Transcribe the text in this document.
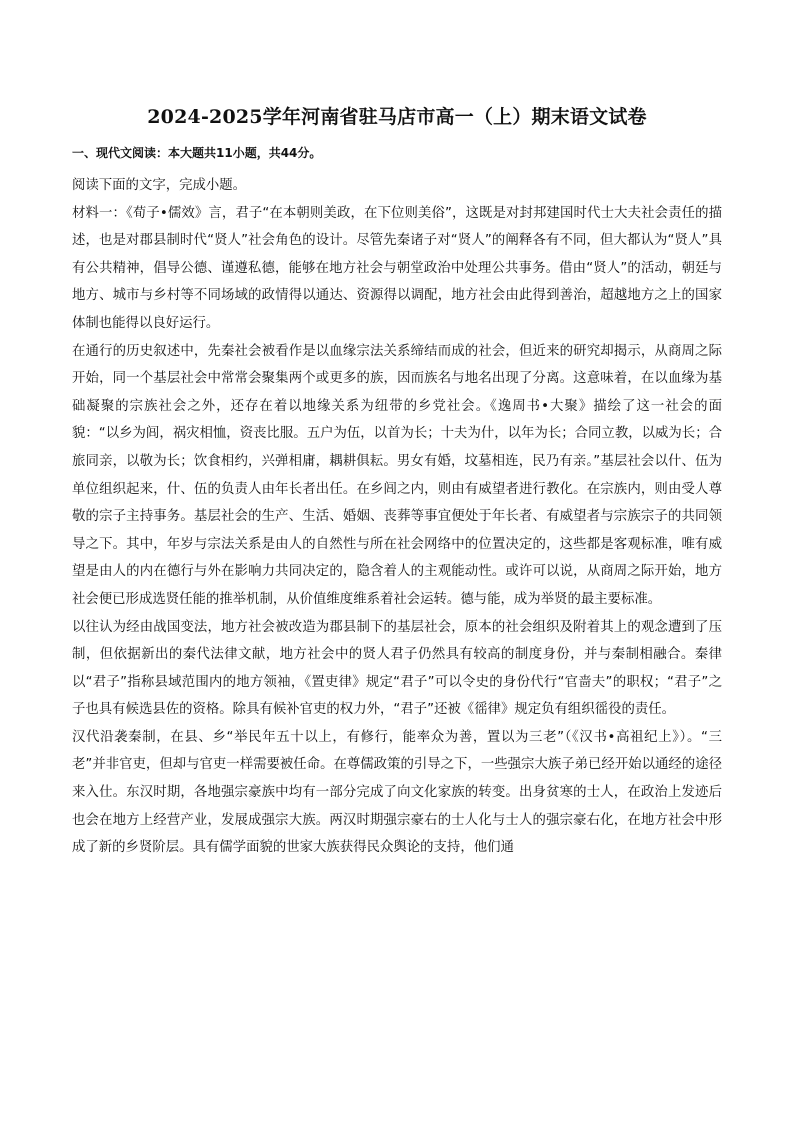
2024-2025学年河南省驻马店市高一（上）期末语文试卷
一、现代文阅读：本大题共11小题，共44分。

阅读下面的文字，完成小题。

材料一：《荀子•儒效》言，君子“在本朝则美政，在下位则美俗”，这既是对封邦建国时代士大夫社会责任的描述，也是对郡县制时代“贤人”社会角色的设计。尽管先秦诸子对“贤人”的阐释各有不同，但大都认为“贤人”具有公共精神，倡导公德、谨遵私德，能够在地方社会与朝堂政治中处理公共事务。借由“贤人”的活动，朝廷与地方、城市与乡村等不同场域的政情得以通达、资源得以调配，地方社会由此得到善治，超越地方之上的国家体制也能得以良好运行。

在通行的历史叙述中，先秦社会被看作是以血缘宗法关系缔结而成的社会，但近来的研究却揭示，从商周之际开始，同一个基层社会中常常会聚集两个或更多的族，因而族名与地名出现了分离。这意味着，在以血缘为基础凝聚的宗族社会之外，还存在着以地缘关系为纽带的乡党社会。《逸周书•大聚》描绘了这一社会的面貌：“以乡为闾，祸灾相恤，资丧比服。五户为伍，以首为长；十夫为什，以年为长；合同立教，以威为长；合旅同亲，以敬为长；饮食相约，兴弹相庸，耦耕俱耘。男女有婚，坟墓相连，民乃有亲。”基层社会以什、伍为单位组织起来，什、伍的负责人由年长者出任。在乡闾之内，则由有威望者进行教化。在宗族内，则由受人尊敬的宗子主持事务。基层社会的生产、生活、婚姻、丧葬等事宜便处于年长者、有威望者与宗族宗子的共同领导之下。其中，年岁与宗法关系是由人的自然性与所在社会网络中的位置决定的，这些都是客观标准，唯有威望是由人的内在德行与外在影响力共同决定的，隐含着人的主观能动性。或许可以说，从商周之际开始，地方社会便已形成选贤任能的推举机制，从价值维度维系着社会运转。德与能，成为举贤的最主要标准。

以往认为经由战国变法，地方社会被改造为郡县制下的基层社会，原本的社会组织及附着其上的观念遭到了压制，但依据新出的秦代法律文献，地方社会中的贤人君子仍然具有较高的制度身份，并与秦制相融合。秦律以“君子”指称县域范围内的地方领袖，《置吏律》规定“君子”可以令史的身份代行“官啬夫”的职权；“君子”之子也具有候选县佐的资格。除具有候补官吏的权力外，“君子”还被《徭律》规定负有组织徭役的责任。

汉代沿袭秦制，在县、乡“举民年五十以上，有修行，能率众为善，置以为三老”（《汉书•高祖纪上》）。“三老”并非官吏，但却与官吏一样需要被任命。在尊儒政策的引导之下，一些强宗大族子弟已经开始以通经的途径来入仕。东汉时期，各地强宗豪族中均有一部分完成了向文化家族的转变。出身贫寒的士人，在政治上发迹后也会在地方上经营产业，发展成强宗大族。两汉时期强宗豪右的士人化与士人的强宗豪右化，在地方社会中形成了新的乡贤阶层。具有儒学面貌的世家大族获得民众舆论的支持，他们通
